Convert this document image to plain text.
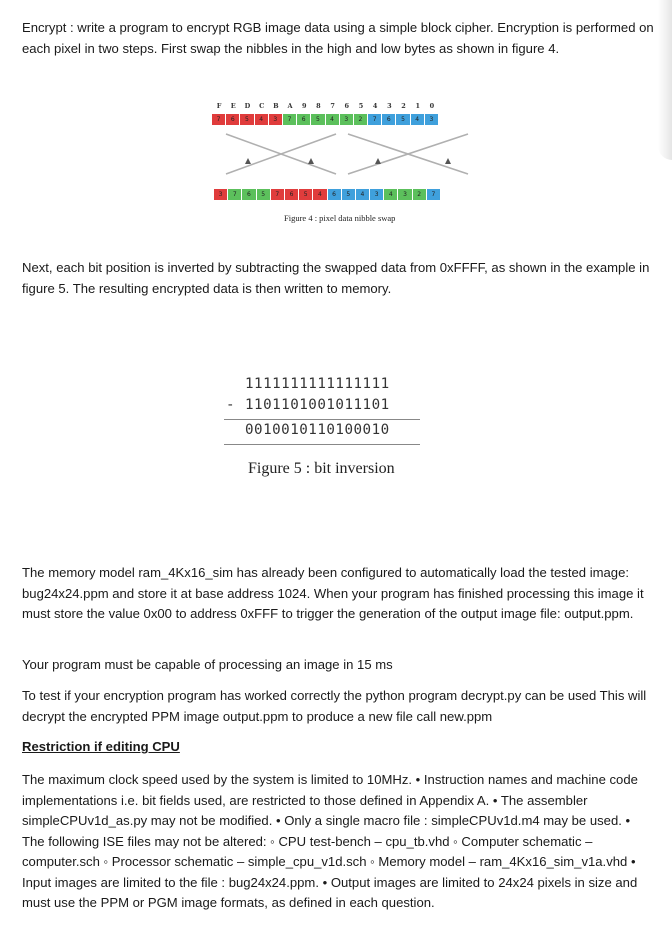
Encrypt : write a program to encrypt RGB image data using a simple block cipher. Encryption is performed on each pixel in two steps. First swap the nibbles in the high and low bytes as shown in figure 4.

F	E	D	C	B	A	9	8	7	6	5	4	3	2	1	0
7	6	5	4	3	7	6	5	4	3	2	7	6	5	4	3
3	7	6	5	7	6	5	4	6	5	4	3	4	3	2	7
Figure 4 : pixel data nibble swap

Next, each bit position is inverted by subtracting the swapped data from 0xFFFF, as shown in the example in figure 5. The resulting encrypted data is then written to memory.

1111111111111111
- 1101101001011101
0010010110100010
Figure 5 : bit inversion

The memory model ram_4Kx16_sim has already been configured to automatically load the tested image: bug24x24.ppm and store it at base address 1024. When your program has finished processing this image it must store the value 0x00 to address 0xFFF to trigger the generation of the output image file: output.ppm.

Your program must be capable of processing an image in 15 ms

To test if your encryption program has worked correctly the python program decrypt.py can be used This will decrypt the encrypted PPM image output.ppm to produce a new file call new.ppm

Restriction if editing CPU

The maximum clock speed used by the system is limited to 10MHz. • Instruction names and machine code implementations i.e. bit fields used, are restricted to those defined in Appendix A. • The assembler simpleCPUv1d_as.py may not be modified. • Only a single macro file : simpleCPUv1d.m4 may be used. • The following ISE files may not be altered: ◦ CPU test-bench – cpu_tb.vhd ◦ Computer schematic – computer.sch ◦ Processor schematic – simple_cpu_v1d.sch ◦ Memory model – ram_4Kx16_sim_v1a.vhd • Input images are limited to the file : bug24x24.ppm. • Output images are limited to 24x24 pixels in size and must use the PPM or PGM image formats, as defined in each question.
